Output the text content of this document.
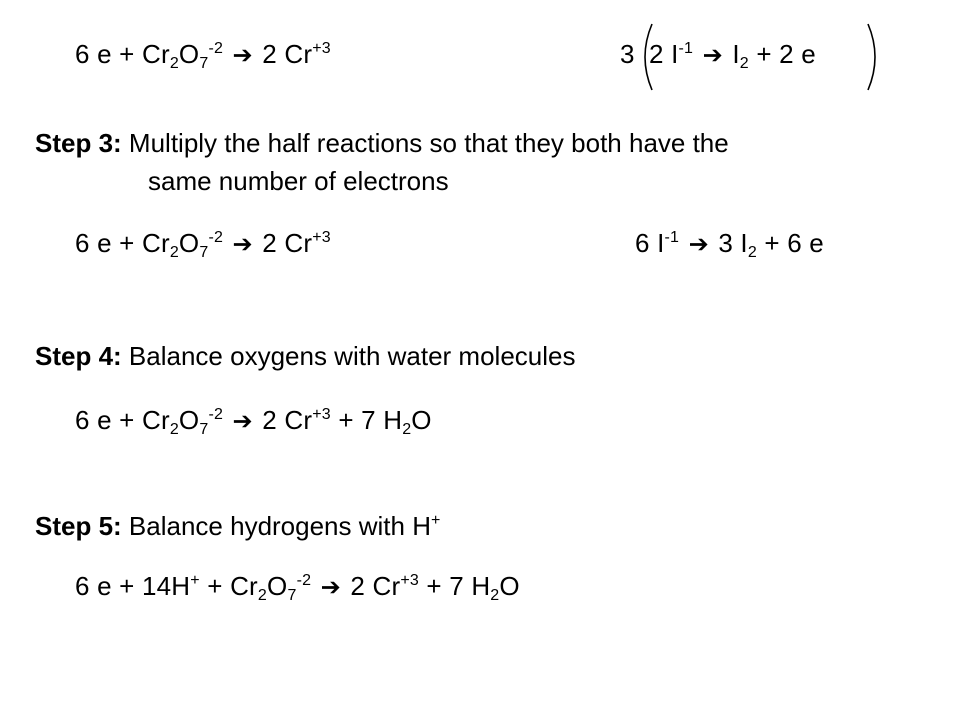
6 $e + Cr_2O_7^{-2}$ ➔ 2 $Cr^{+3}$	3 2 $I^{-1}$ ➔ $I_2 + 2$ e
Step 3: Multiply the half reactions so that they both have the
same number of electrons
6 $e + Cr_2O_7^{-2}$ ➔ 2 $Cr^{+3}$	6 $I^{-1}$ ➔ 3 $I_2 + 6$ e
Step 4: Balance oxygens with water molecules
6 $e + Cr_2O_7^{-2}$ ➔ 2 $Cr^{+3} + 7$ $H_2O$
Step 5: Balance hydrogens with H+
6 $e + 14H^+ + Cr_2O_7^{-2}$ ➔ 2 $Cr^{+3} + 7$ $H_2O$
